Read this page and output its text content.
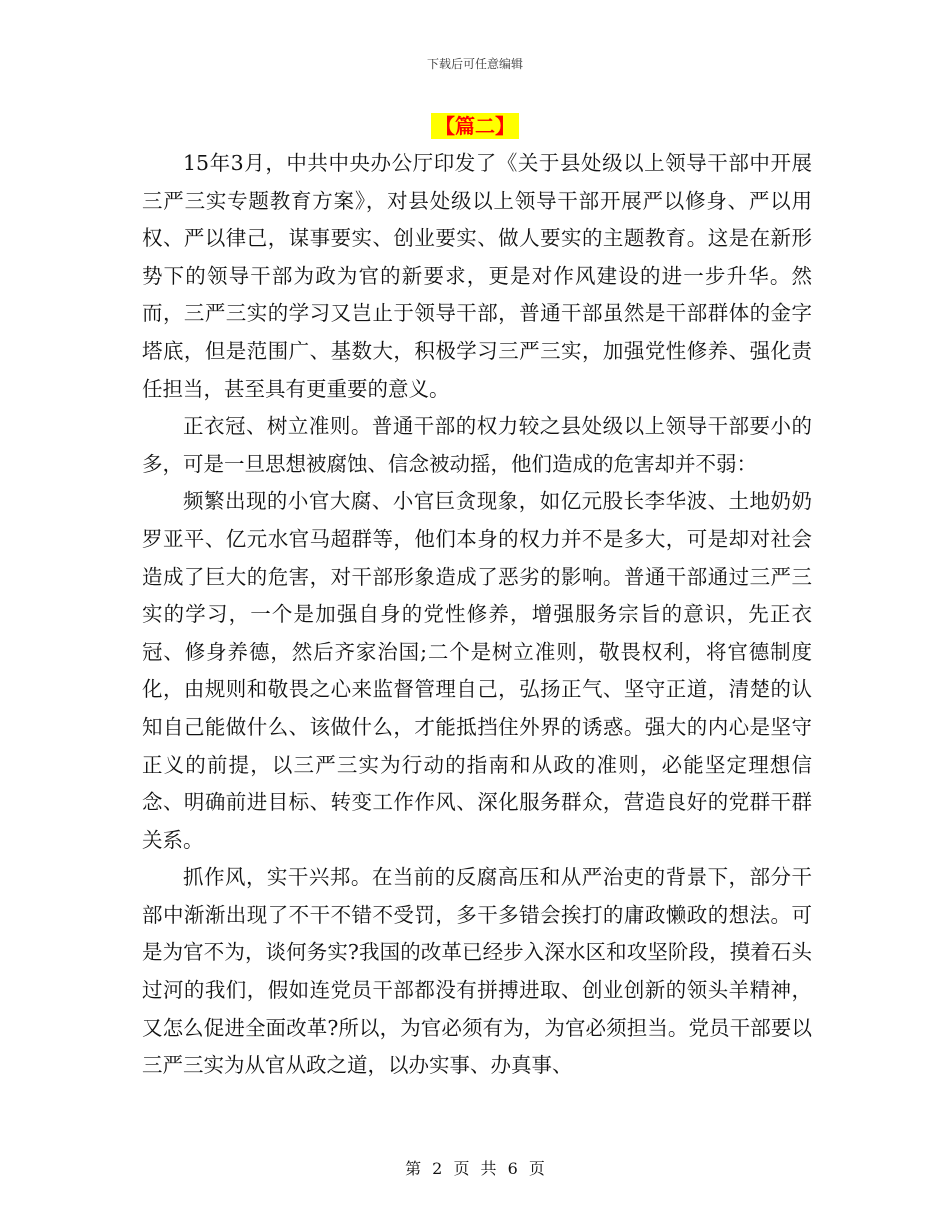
下载后可任意编辑
【篇二】

15年3月，中共中央办公厅印发了《关于县处级以上领导干部中开展三严三实专题教育方案》，对县处级以上领导干部开展严以修身、严以用权、严以律己，谋事要实、创业要实、做人要实的主题教育。这是在新形势下的领导干部为政为官的新要求，更是对作风建设的进一步升华。然而，三严三实的学习又岂止于领导干部，普通干部虽然是干部群体的金字塔底，但是范围广、基数大，积极学习三严三实，加强党性修养、强化责任担当，甚至具有更重要的意义。

正衣冠、树立准则。普通干部的权力较之县处级以上领导干部要小的多，可是一旦思想被腐蚀、信念被动摇，他们造成的危害却并不弱：

频繁出现的小官大腐、小官巨贪现象，如亿元股长李华波、土地奶奶罗亚平、亿元水官马超群等，他们本身的权力并不是多大，可是却对社会造成了巨大的危害，对干部形象造成了恶劣的影响。普通干部通过三严三实的学习，一个是加强自身的党性修养，增强服务宗旨的意识，先正衣冠、修身养德，然后齐家治国;二个是树立准则，敬畏权利，将官德制度化，由规则和敬畏之心来监督管理自己，弘扬正气、坚守正道，清楚的认知自己能做什么、该做什么，才能抵挡住外界的诱惑。强大的内心是坚守正义的前提，以三严三实为行动的指南和从政的准则，必能坚定理想信念、明确前进目标、转变工作作风、深化服务群众，营造良好的党群干群关系。

抓作风，实干兴邦。在当前的反腐高压和从严治吏的背景下，部分干部中渐渐出现了不干不错不受罚，多干多错会挨打的庸政懒政的想法。可是为官不为，谈何务实?我国的改革已经步入深水区和攻坚阶段，摸着石头过河的我们，假如连党员干部都没有拼搏进取、创业创新的领头羊精神，又怎么促进全面改革?所以，为官必须有为，为官必须担当。党员干部要以三严三实为从官从政之道，以办实事、办真事、

第 2 页 共 6 页
